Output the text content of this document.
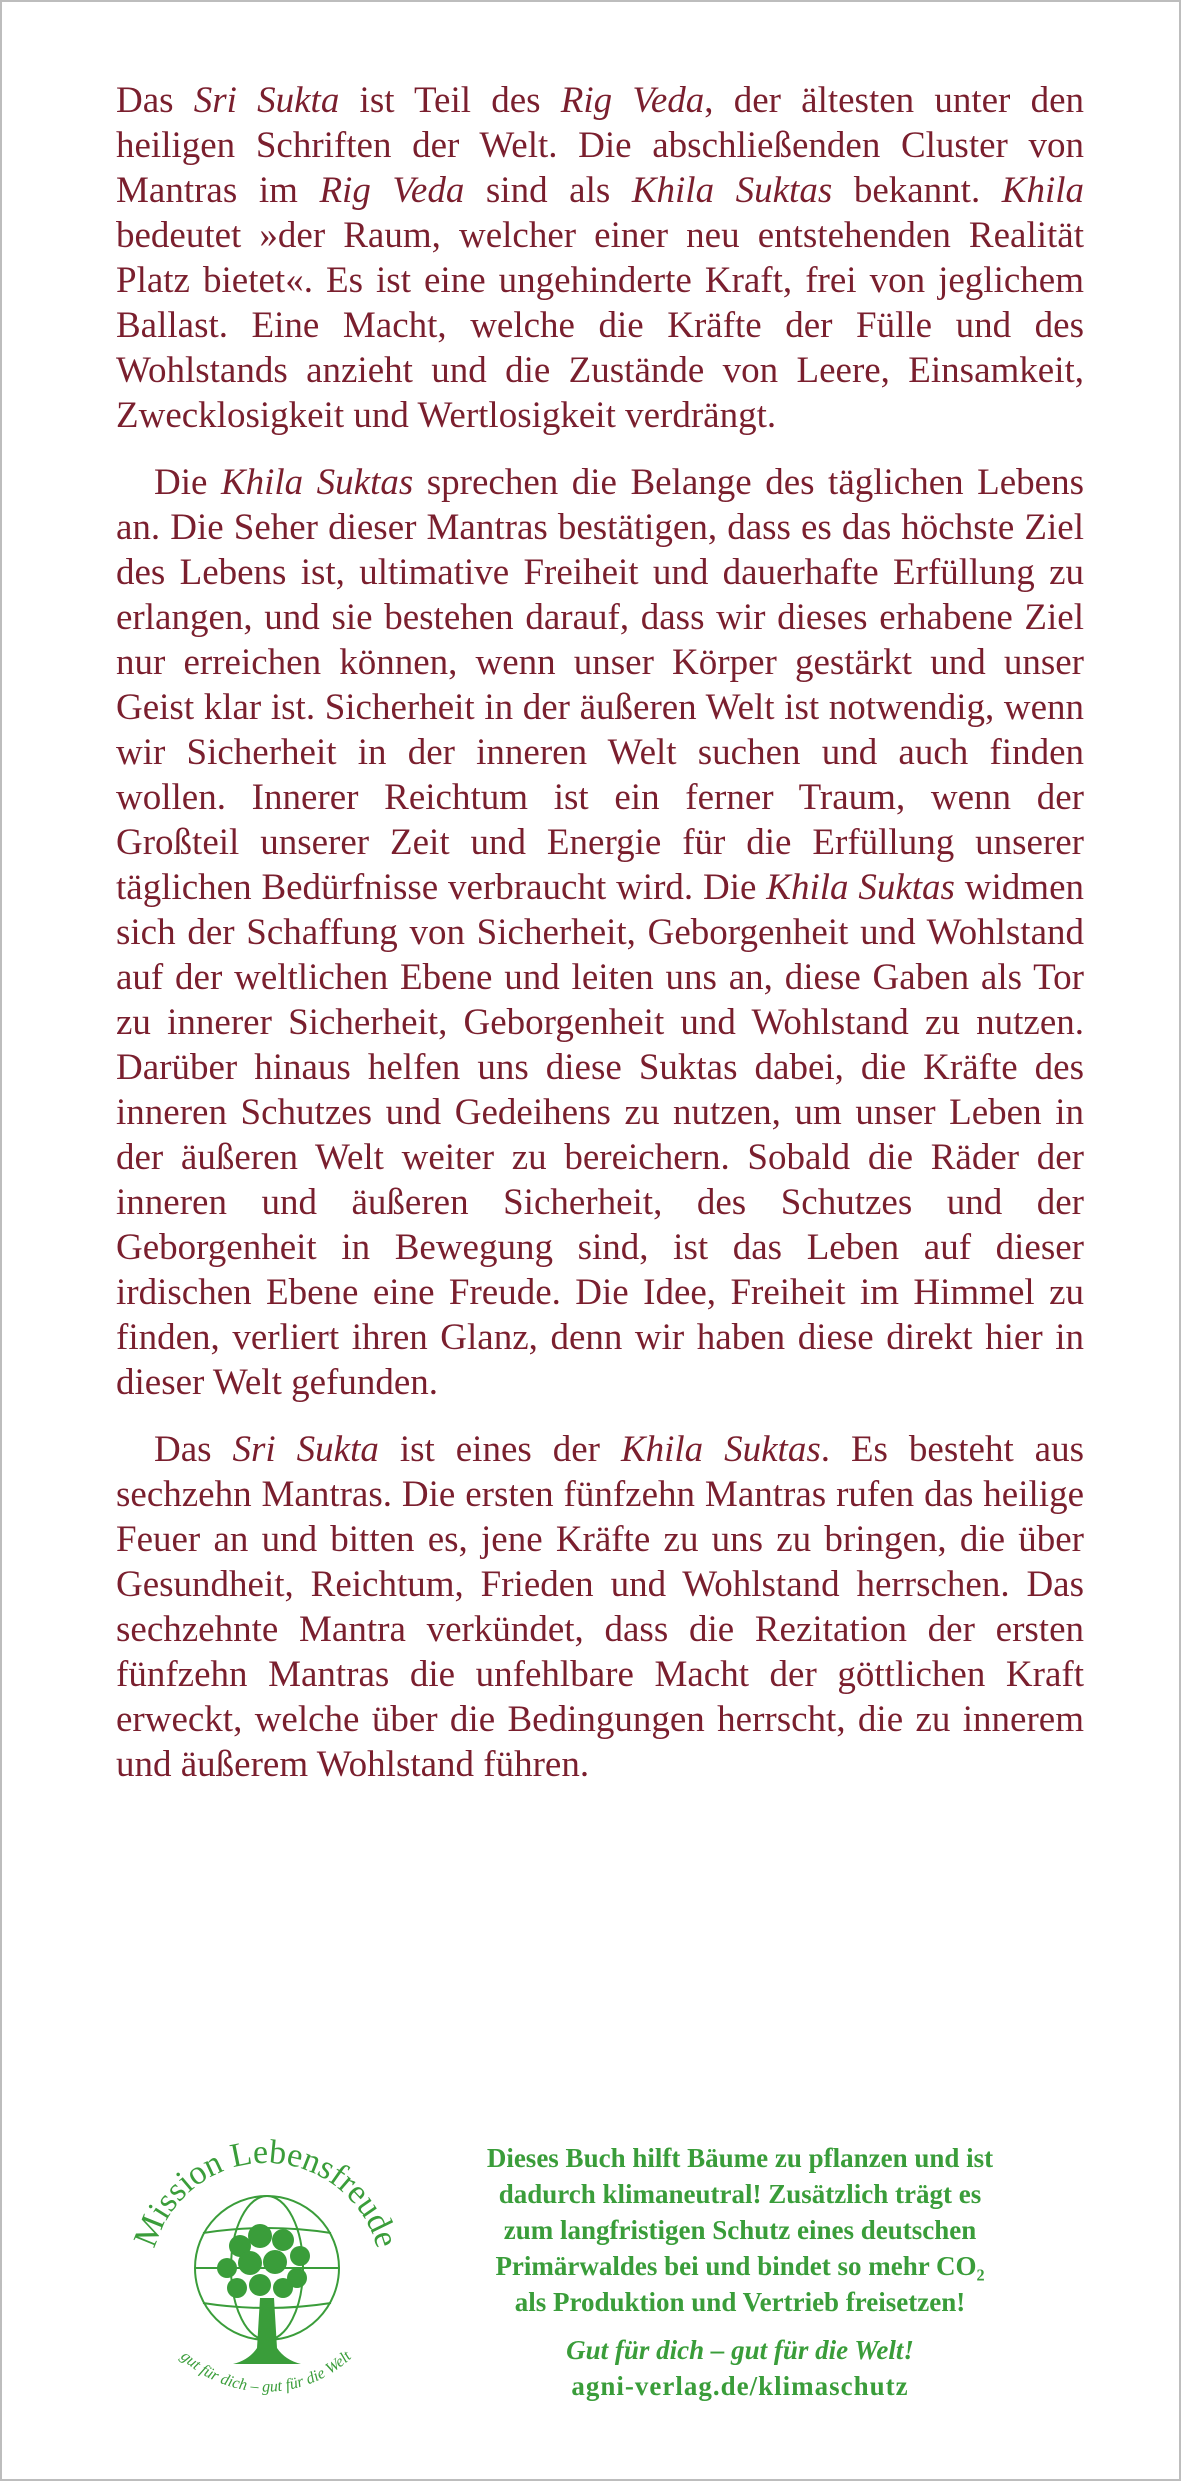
Das Sri Sukta ist Teil des Rig Veda, der ältesten unter den heiligen Schriften der Welt. Die abschließenden Cluster von Mantras im Rig Veda sind als Khila Suktas bekannt. Khila bedeutet »der Raum, welcher einer neu entstehenden Realität Platz bietet«. Es ist eine ungehinderte Kraft, frei von jeglichem Ballast. Eine Macht, welche die Kräfte der Fülle und des Wohlstands anzieht und die Zustände von Leere, Einsamkeit, Zwecklosigkeit und Wertlosigkeit verdrängt.

Die Khila Suktas sprechen die Belange des täglichen Lebens an. Die Seher dieser Mantras bestätigen, dass es das höchste Ziel des Lebens ist, ultimative Freiheit und dauerhafte Erfüllung zu erlangen, und sie bestehen darauf, dass wir dieses erhabene Ziel nur erreichen können, wenn unser Körper gestärkt und unser Geist klar ist. Sicherheit in der äußeren Welt ist notwendig, wenn wir Sicherheit in der inneren Welt suchen und auch finden wollen. Innerer Reichtum ist ein ferner Traum, wenn der Großteil unserer Zeit und Energie für die Erfüllung unserer täglichen Bedürfnisse verbraucht wird. Die Khila Suktas widmen sich der Schaffung von Sicherheit, Geborgenheit und Wohlstand auf der weltlichen Ebene und leiten uns an, diese Gaben als Tor zu innerer Sicherheit, Geborgenheit und Wohlstand zu nutzen. Darüber hinaus helfen uns diese Suktas dabei, die Kräfte des inneren Schutzes und Gedeihens zu nutzen, um unser Leben in der äußeren Welt weiter zu bereichern. Sobald die Räder der inneren und äußeren Sicherheit, des Schutzes und der Geborgenheit in Bewegung sind, ist das Leben auf dieser irdischen Ebene eine Freude. Die Idee, Freiheit im Himmel zu finden, verliert ihren Glanz, denn wir haben diese direkt hier in dieser Welt gefunden.

Das Sri Sukta ist eines der Khila Suktas. Es besteht aus sechzehn Mantras. Die ersten fünfzehn Mantras rufen das heilige Feuer an und bitten es, jene Kräfte zu uns zu bringen, die über Gesundheit, Reichtum, Frieden und Wohlstand herrschen. Das sechzehnte Mantra verkündet, dass die Rezitation der ersten fünfzehn Mantras die unfehlbare Macht der göttlichen Kraft erweckt, welche über die Bedingungen herrscht, die zu innerem und äußerem Wohlstand führen.

Mission Lebensfreude
gut für dich – gut für die Welt
Dieses Buch hilft Bäume zu pflanzen und ist
dadurch klimaneutral! Zusätzlich trägt es
zum langfristigen Schutz eines deutschen
Primärwaldes bei und bindet so mehr CO₂
als Produktion und Vertrieb freisetzen!
Gut für dich – gut für die Welt!
agni-verlag.de/klimaschutz
